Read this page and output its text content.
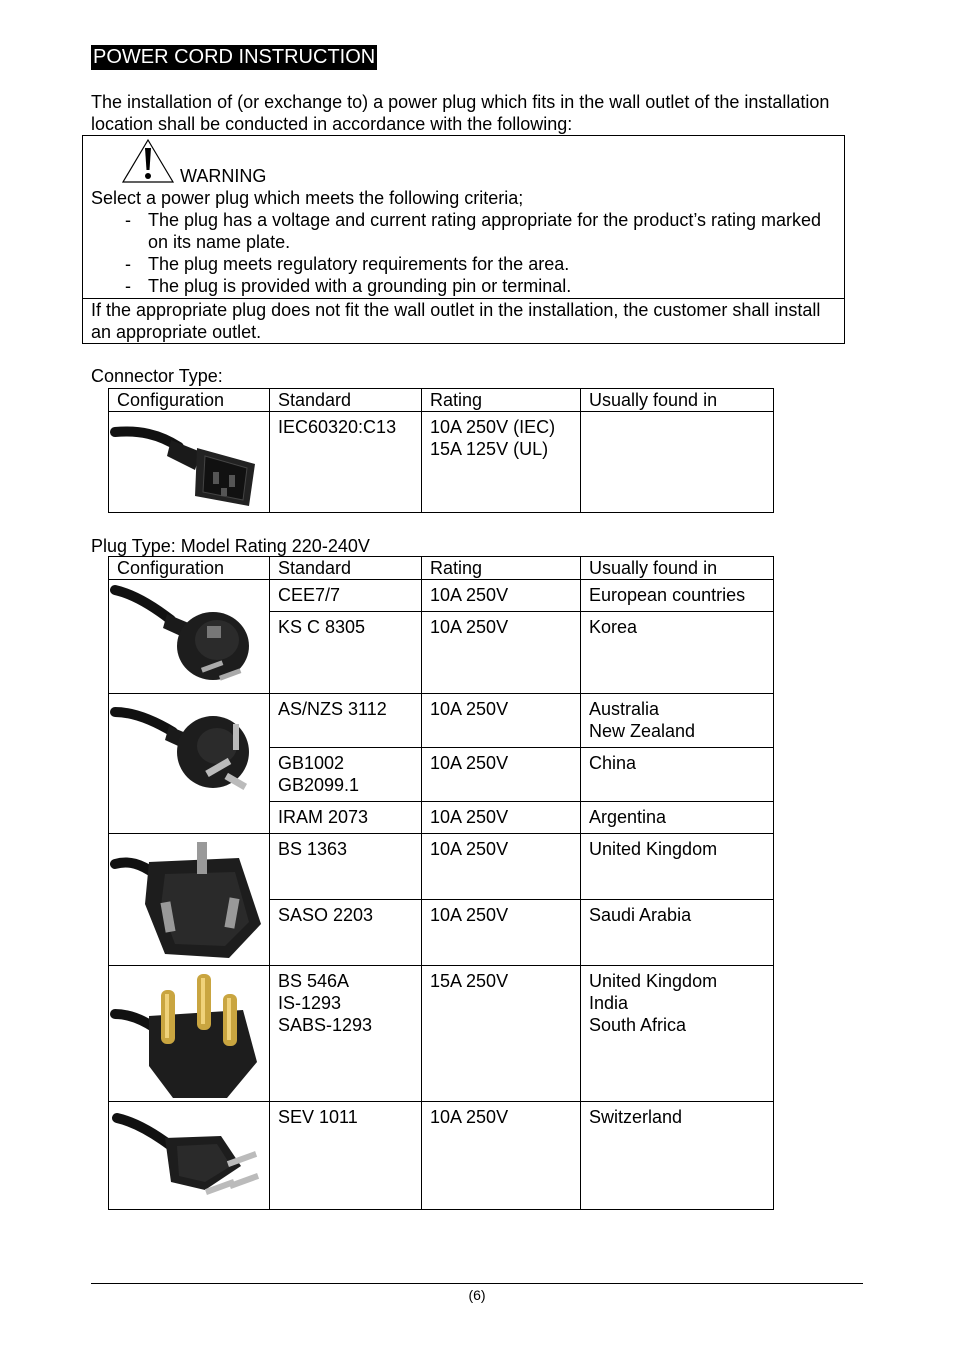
POWER CORD INSTRUCTION
The installation of (or exchange to) a power plug which fits in the wall outlet of the installation location shall be conducted in accordance with the following:
WARNING
Select a power plug which meets the following criteria;
- The plug has a voltage and current rating appropriate for the product’s rating marked on its name plate.
- The plug meets regulatory requirements for the area.
- The plug is provided with a grounding pin or terminal.
If the appropriate plug does not fit the wall outlet in the installation, the customer shall install an appropriate outlet.
Connector Type:
Configuration	Standard	Rating	Usually found in

	IEC60320:C13	10A 250V (IEC)
15A 125V (UL)	
Plug Type: Model Rating 220-240V
Configuration	Standard	Rating	Usually found in

	CEE7/7	10A 250V	European countries
	KS C 8305	10A 250V	Korea

	AS/NZS 3112	10A 250V	Australia
New Zealand
	GB1002
GB2099.1	10A 250V	China
	IRAM 2073	10A 250V	Argentina

	BS 1363	10A 250V	United Kingdom
	SASO 2203	10A 250V	Saudi Arabia

	BS 546A
IS-1293
SABS-1293	15A 250V	United Kingdom
India
South Africa

	SEV 1011	10A 250V	Switzerland
(6)
